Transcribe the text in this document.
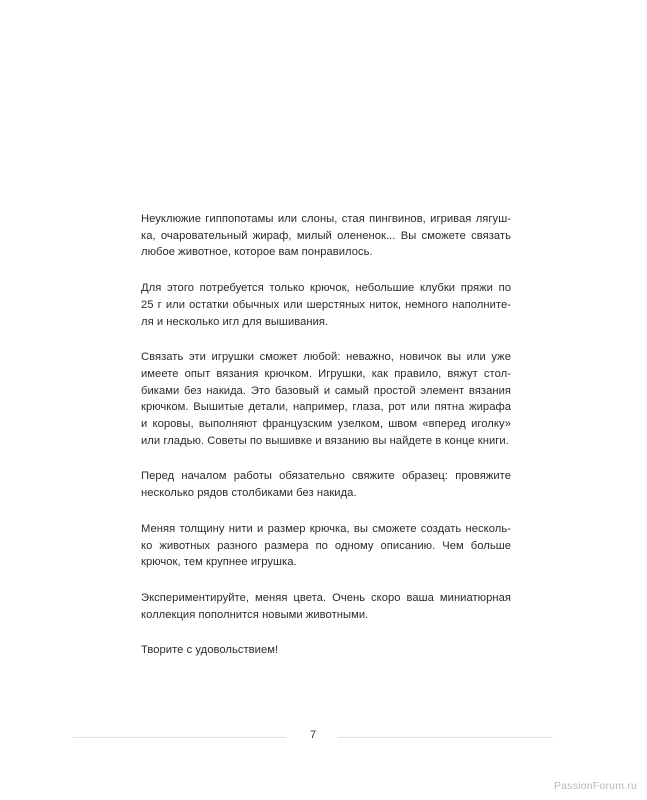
Неуклюжие гиппопотамы или слоны, стая пингвинов, игривая лягуш-
ка, очаровательный жираф, милый олененок... Вы сможете связать
любое животное, которое вам понравилось.

Для этого потребуется только крючок, небольшие клубки пряжи по
25 г или остатки обычных или шерстяных ниток, немного наполните-
ля и несколько игл для вышивания.

Связать эти игрушки сможет любой: неважно, новичок вы или уже
имеете опыт вязания крючком. Игрушки, как правило, вяжут стол-
биками без накида. Это базовый и самый простой элемент вязания
крючком. Вышитые детали, например, глаза, рот или пятна жирафа
и коровы, выполняют французским узелком, швом «вперед иголку»
или гладью. Советы по вышивке и вязанию вы найдете в конце книги.

Перед началом работы обязательно свяжите образец: провяжите
несколько рядов столбиками без накида.

Меняя толщину нити и размер крючка, вы сможете создать несколь-
ко животных разного размера по одному описанию. Чем больше
крючок, тем крупнее игрушка.

Экспериментируйте, меняя цвета. Очень скоро ваша миниатюрная
коллекция пополнится новыми животными.

Творите с удовольствием!

7
PassionForum.ru
